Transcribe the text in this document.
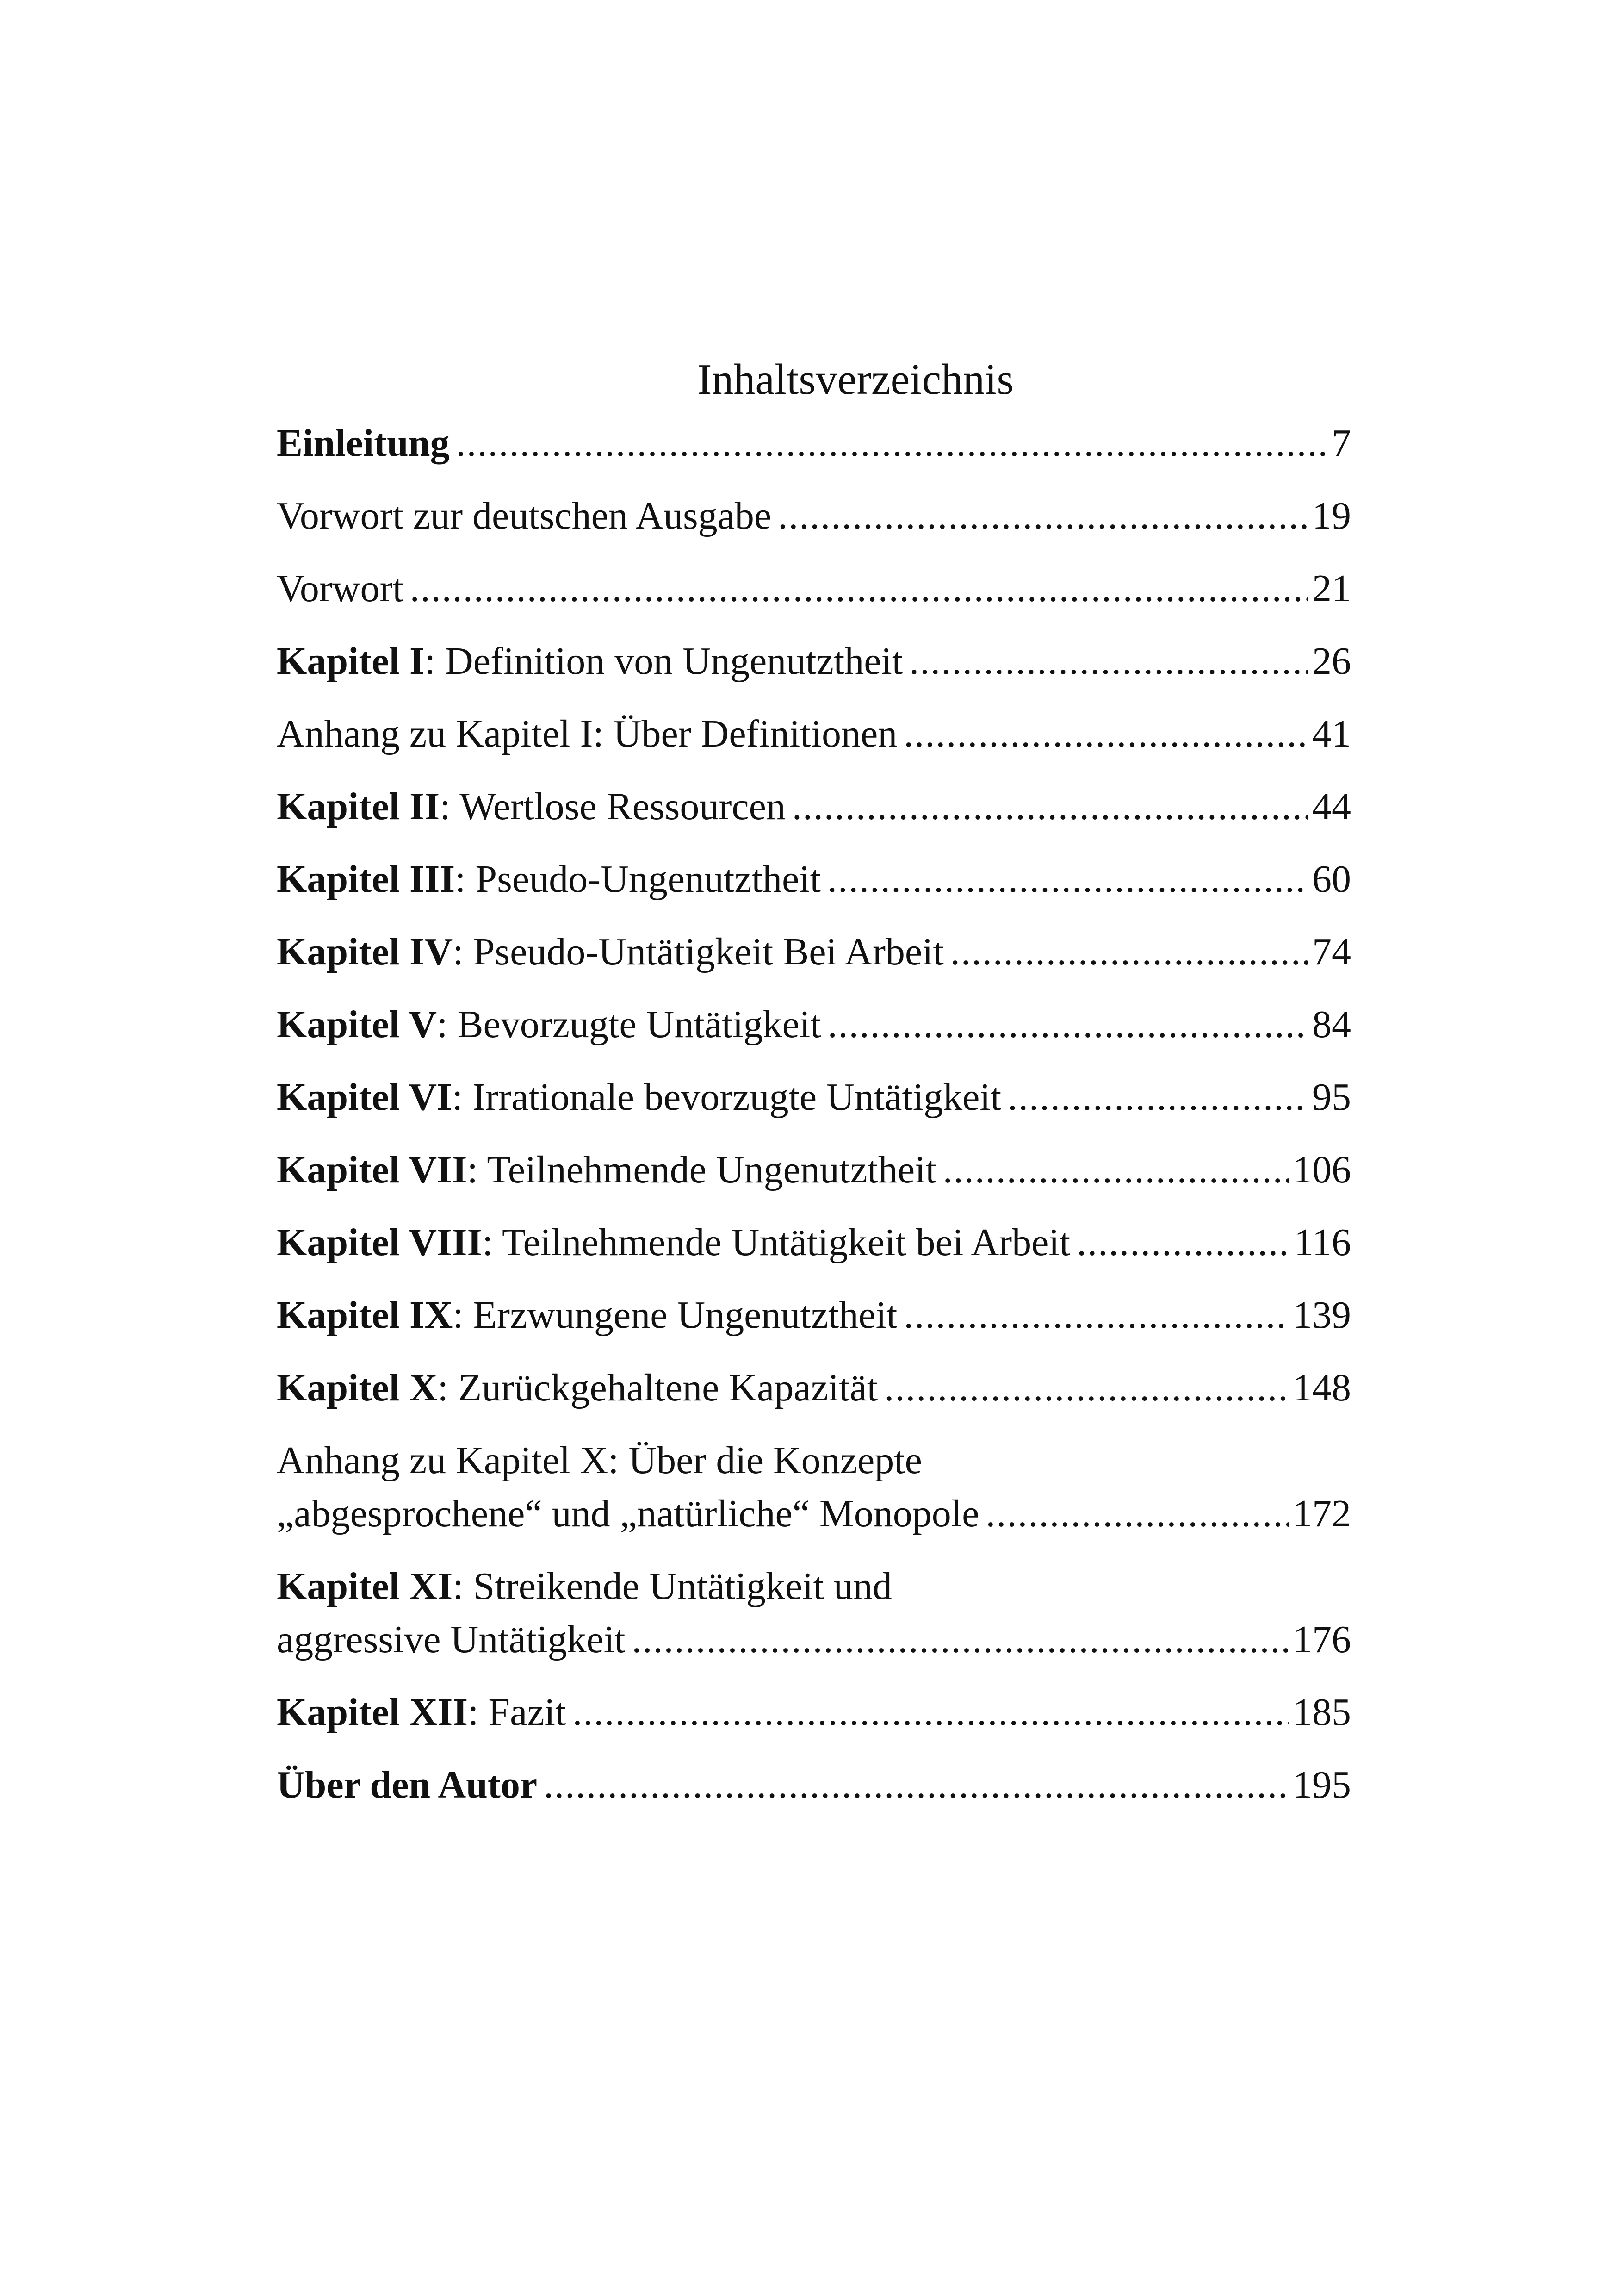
Inhaltsverzeichnis
Einleitung .....	7
Vorwort zur deutschen Ausgabe .....	19
Vorwort .....	21
Kapitel I: Definition von Ungenutztheit .....	26
Anhang zu Kapitel I: Über Definitionen .....	41
Kapitel II: Wertlose Ressourcen .....	44
Kapitel III: Pseudo-Ungenutztheit .....	60
Kapitel IV: Pseudo-Untätigkeit Bei Arbeit .....	74
Kapitel V: Bevorzugte Untätigkeit .....	84
Kapitel VI: Irrationale bevorzugte Untätigkeit .....	95
Kapitel VII: Teilnehmende Ungenutztheit .....	106
Kapitel VIII: Teilnehmende Untätigkeit bei Arbeit .....	116
Kapitel IX: Erzwungene Ungenutztheit .....	139
Kapitel X: Zurückgehaltene Kapazität .....	148
Anhang zu Kapitel X: Über die Konzepte
„abgesprochene“ und „natürliche“ Monopole .....	172
Kapitel XI: Streikende Untätigkeit und
aggressive Untätigkeit .....	176
Kapitel XII: Fazit .....	185
Über den Autor .....	195
